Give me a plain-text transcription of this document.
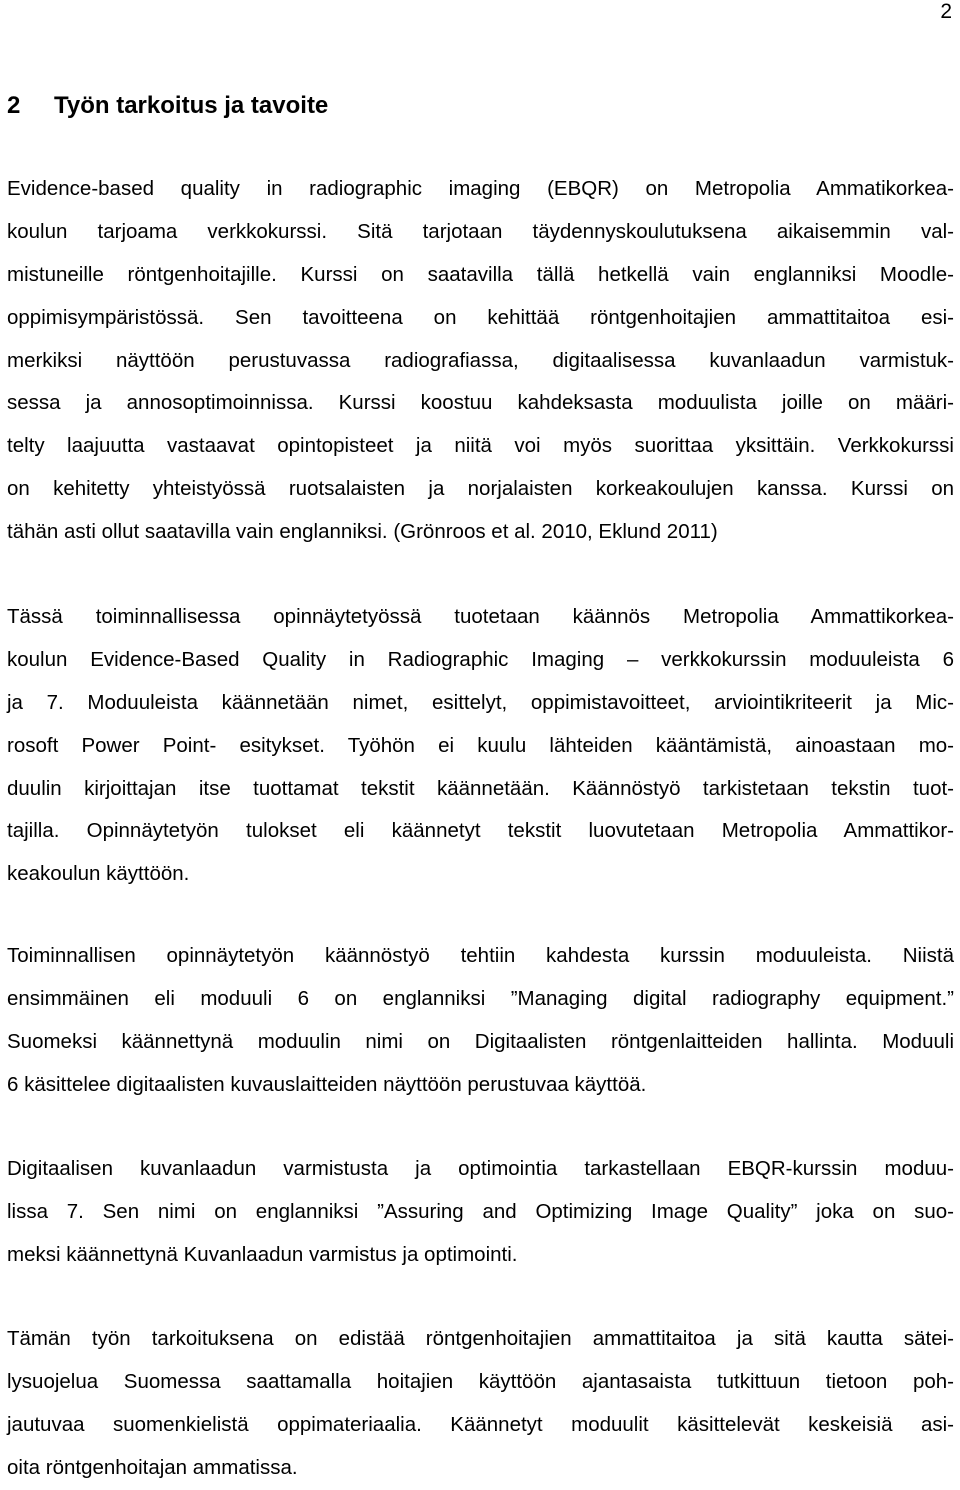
2
2 Työn tarkoitus ja tavoite
Evidence-based quality in radiographic imaging (EBQR) on Metropolia Ammatikorkea-
koulun tarjoama verkkokurssi. Sitä tarjotaan täydennyskoulutuksena aikaisemmin val-
mistuneille röntgenhoitajille. Kurssi on saatavilla tällä hetkellä vain englanniksi Moodle-
oppimisympäristössä. Sen tavoitteena on kehittää röntgenhoitajien ammattitaitoa esi-
merkiksi näyttöön perustuvassa radiografiassa, digitaalisessa kuvanlaadun varmistuk-
sessa ja annosoptimoinnissa. Kurssi koostuu kahdeksasta moduulista joille on määri-
telty laajuutta vastaavat opintopisteet ja niitä voi myös suorittaa yksittäin. Verkkokurssi
on kehitetty yhteistyössä ruotsalaisten ja norjalaisten korkeakoulujen kanssa. Kurssi on
tähän asti ollut saatavilla vain englanniksi. (Grönroos et al. 2010, Eklund 2011)
Tässä toiminnallisessa opinnäytetyössä tuotetaan käännös Metropolia Ammattikorkea-
koulun Evidence-Based Quality in Radiographic Imaging – verkkokurssin moduuleista 6
ja 7. Moduuleista käännetään nimet, esittelyt, oppimistavoitteet, arviointikriteerit ja Mic-
rosoft Power Point- esitykset. Työhön ei kuulu lähteiden kääntämistä, ainoastaan mo-
duulin kirjoittajan itse tuottamat tekstit käännetään. Käännöstyö tarkistetaan tekstin tuot-
tajilla. Opinnäytetyön tulokset eli käännetyt tekstit luovutetaan Metropolia Ammattikor-
keakoulun käyttöön.
Toiminnallisen opinnäytetyön käännöstyö tehtiin kahdesta kurssin moduuleista. Niistä
ensimmäinen eli moduuli 6 on englanniksi ”Managing digital radiography equipment.”
Suomeksi käännettynä moduulin nimi on Digitaalisten röntgenlaitteiden hallinta. Moduuli
6 käsittelee digitaalisten kuvauslaitteiden näyttöön perustuvaa käyttöä.
Digitaalisen kuvanlaadun varmistusta ja optimointia tarkastellaan EBQR-kurssin moduu-
lissa 7. Sen nimi on englanniksi ”Assuring and Optimizing Image Quality” joka on suo-
meksi käännettynä Kuvanlaadun varmistus ja optimointi.
Tämän työn tarkoituksena on edistää röntgenhoitajien ammattitaitoa ja sitä kautta sätei-
lysuojelua Suomessa saattamalla hoitajien käyttöön ajantasaista tutkittuun tietoon poh-
jautuvaa suomenkielistä oppimateriaalia. Käännetyt moduulit käsittelevät keskeisiä asi-
oita röntgenhoitajan ammatissa.
